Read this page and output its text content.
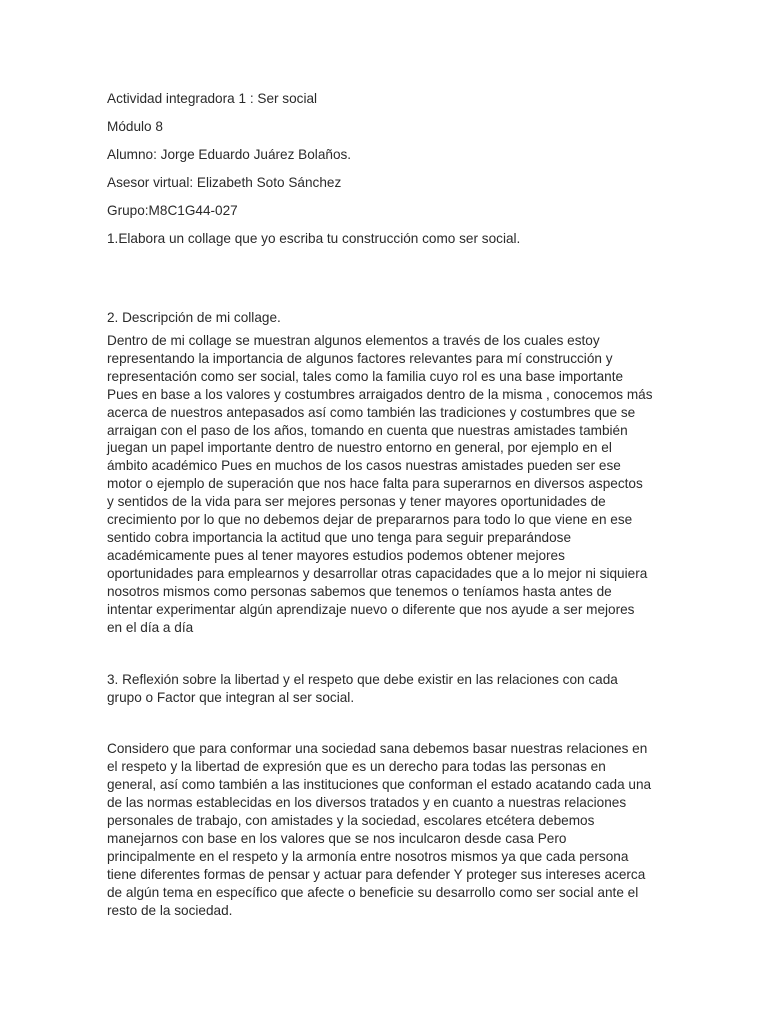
Actividad integradora 1 : Ser social

Módulo 8

Alumno: Jorge Eduardo Juárez Bolaños.

Asesor virtual: Elizabeth Soto Sánchez

Grupo:M8C1G44-027

1.Elabora un collage que yo escriba tu construcción como ser social.

2. Descripción de mi collage.

Dentro de mi collage se muestran algunos elementos a través de los cuales estoy
representando la importancia de algunos factores relevantes para mí construcción y
representación como ser social, tales como la familia cuyo rol es una base importante
Pues en base a los valores y costumbres arraigados dentro de la misma , conocemos más
acerca de nuestros antepasados así como también las tradiciones y costumbres que se
arraigan con el paso de los años, tomando en cuenta que nuestras amistades también
juegan un papel importante dentro de nuestro entorno en general, por ejemplo en el
ámbito académico Pues en muchos de los casos nuestras amistades pueden ser ese
motor o ejemplo de superación que nos hace falta para superarnos en diversos aspectos
y sentidos de la vida para ser mejores personas y tener mayores oportunidades de
crecimiento por lo que no debemos dejar de prepararnos para todo lo que viene en ese
sentido cobra importancia la actitud que uno tenga para seguir preparándose
académicamente pues al tener mayores estudios podemos obtener mejores
oportunidades para emplearnos y desarrollar otras capacidades que a lo mejor ni siquiera
nosotros mismos como personas sabemos que tenemos o teníamos hasta antes de
intentar experimentar algún aprendizaje nuevo o diferente que nos ayude a ser mejores
en el día a día
3. Reflexión sobre la libertad y el respeto que debe existir en las relaciones con cada
grupo o Factor que integran al ser social.
Considero que para conformar una sociedad sana debemos basar nuestras relaciones en
el respeto y la libertad de expresión que es un derecho para todas las personas en
general, así como también a las instituciones que conforman el estado acatando cada una
de las normas establecidas en los diversos tratados y en cuanto a nuestras relaciones
personales de trabajo, con amistades y la sociedad, escolares etcétera debemos
manejarnos con base en los valores que se nos inculcaron desde casa Pero
principalmente en el respeto y la armonía entre nosotros mismos ya que cada persona
tiene diferentes formas de pensar y actuar para defender Y proteger sus intereses acerca
de algún tema en específico que afecte o beneficie su desarrollo como ser social ante el
resto de la sociedad.
